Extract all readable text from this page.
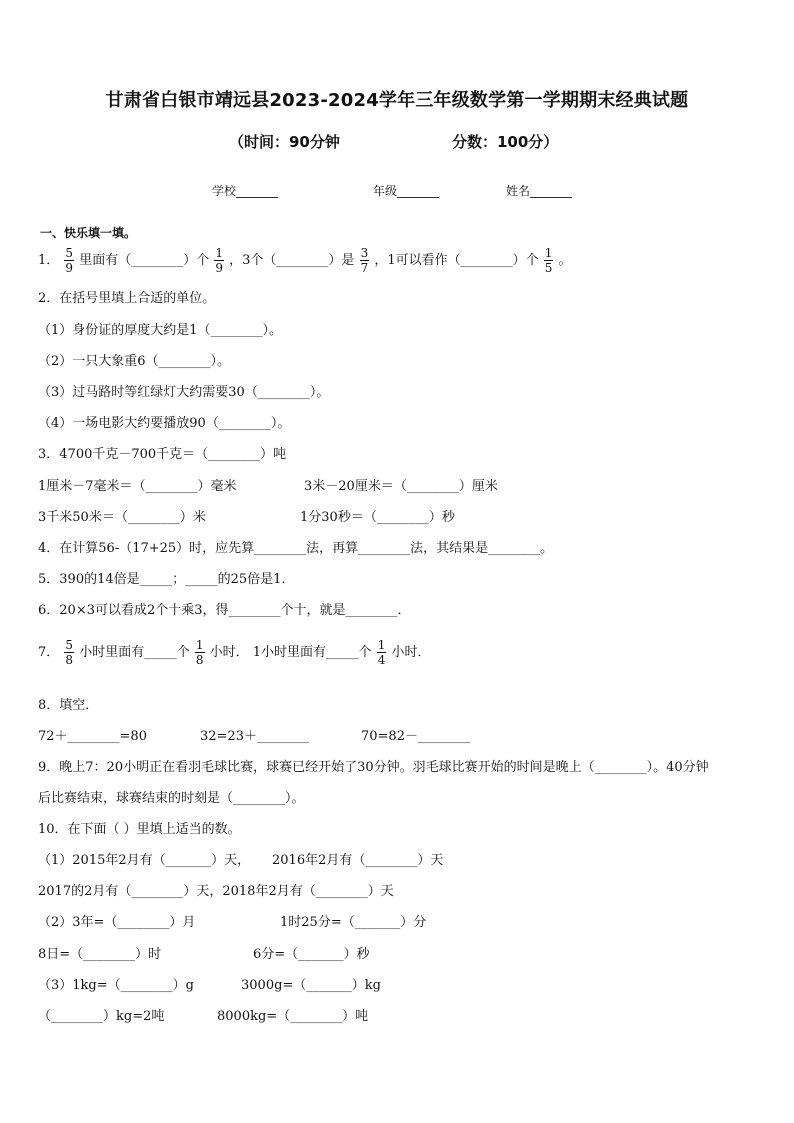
甘肃省白银市靖远县2023-2024学年三年级数学第一学期期末经典试题
（时间：90分钟	分数：100分）
学校_______	年级_______	姓名_______
一、快乐填一填。
1． $\frac{5}{9}$ 里面有（________）个 $\frac{1}{9}$ ，3个（________）是 $\frac{3}{7}$ ，1可以看作（________）个 $\frac{1}{5}$ 。
2．在括号里填上合适的单位。
（1）身份证的厚度大约是1（________）。
（2）一只大象重6（________）。
（3）过马路时等红绿灯大约需要30（________）。
（4）一场电影大约要播放90（________）。
3．4700千克－700千克＝（________）吨
1厘米－7毫米＝（________）毫米	3米－20厘米＝（________）厘米
3千米50米＝（________）米	1分30秒＝（________）秒
4．在计算56-（17+25）时，应先算________法，再算________法，其结果是________。
5．390的14倍是_____；_____的25倍是1．
6．20×3可以看成2个十乘3，得________个十，就是________．
7． $\frac{5}{8}$ 小时里面有_____个 $\frac{1}{8}$ 小时． 1小时里面有_____个 $\frac{1}{4}$ 小时．
8．填空．
72＋________=80	32=23＋________	70=82－________
9．晚上7：20小明正在看羽毛球比赛，球赛已经开始了30分钟。羽毛球比赛开始的时间是晚上（________）。40分钟
后比赛结束，球赛结束的时刻是（________）。
10．在下面（ ）里填上适当的数。
（1）2015年2月有（_______）天， 2016年2月有（________）天
2017的2月有（________）天，2018年2月有（________）天
（2）3年=（________）月	1时25分=（_______）分
8日=（________）时	6分=（_______）秒
（3）1kg=（________）g	3000g=（_______）kg
（________）kg=2吨	8000kg=（________）吨
